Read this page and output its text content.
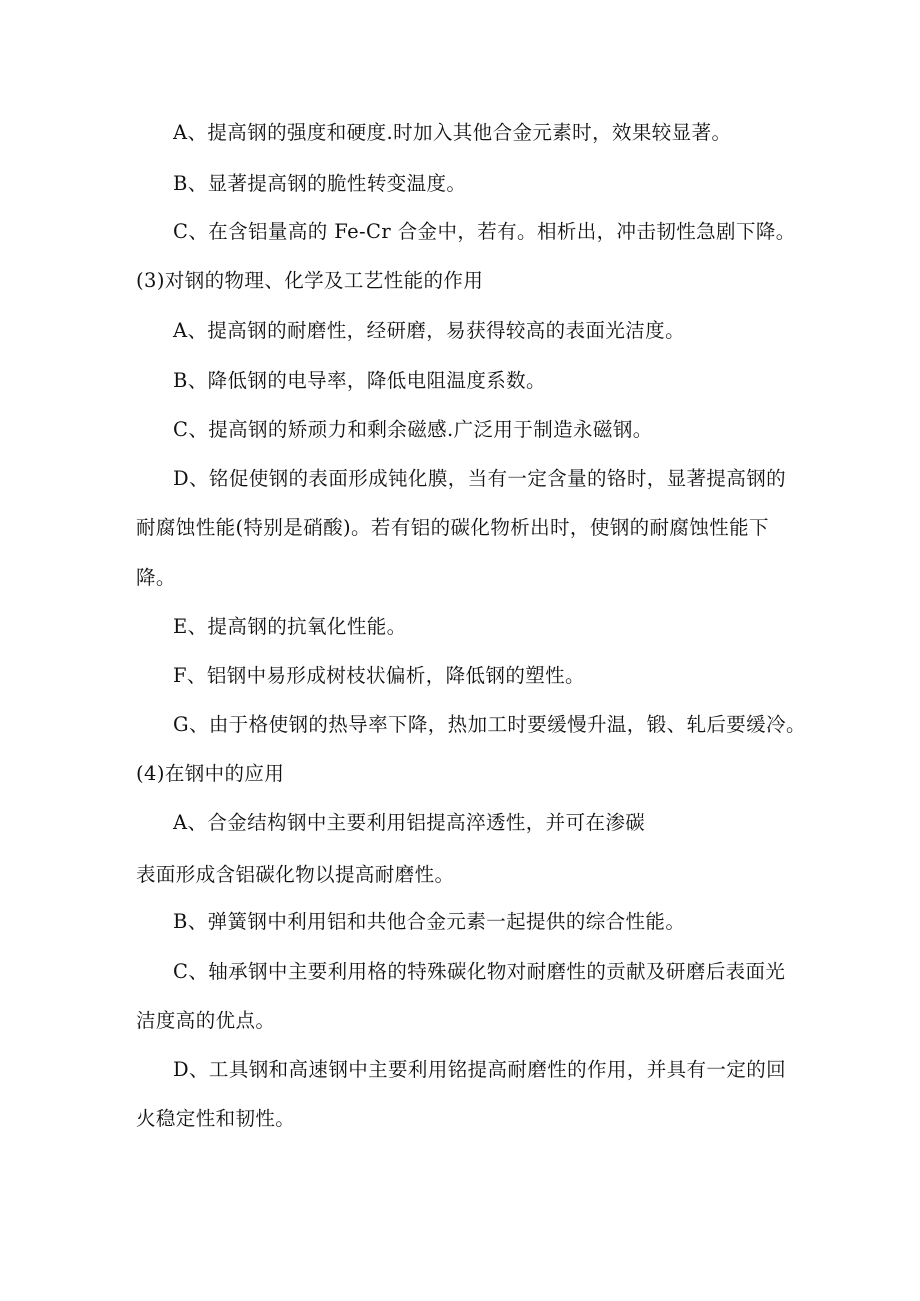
A、提高钢的强度和硬度.时加入其他合金元素时，效果较显著。
B、显著提高钢的脆性转变温度。
C、在含铝量高的 Fe-Cr 合金中，若有。相析出，冲击韧性急剧下降。
(3)对钢的物理、化学及工艺性能的作用
A、提高钢的耐磨性，经研磨，易获得较高的表面光洁度。
B、降低钢的电导率，降低电阻温度系数。
C、提高钢的矫顽力和剩余磁感.广泛用于制造永磁钢。
D、铭促使钢的表面形成钝化膜，当有一定含量的铬时，显著提高钢的
耐腐蚀性能(特别是硝酸)。若有铝的碳化物析出时，使钢的耐腐蚀性能下
降。
E、提高钢的抗氧化性能。
F、铝钢中易形成树枝状偏析，降低钢的塑性。
G、由于格使钢的热导率下降，热加工时要缓慢升温，锻、轧后要缓冷。
(4)在钢中的应用
A、合金结构钢中主要利用铝提高淬透性，并可在渗碳
表面形成含铝碳化物以提高耐磨性。
B、弹簧钢中利用铝和共他合金元素一起提供的综合性能。
C、轴承钢中主要利用格的特殊碳化物对耐磨性的贡献及研磨后表面光
洁度高的优点。
D、工具钢和高速钢中主要利用铭提高耐磨性的作用，并具有一定的回
火稳定性和韧性。
